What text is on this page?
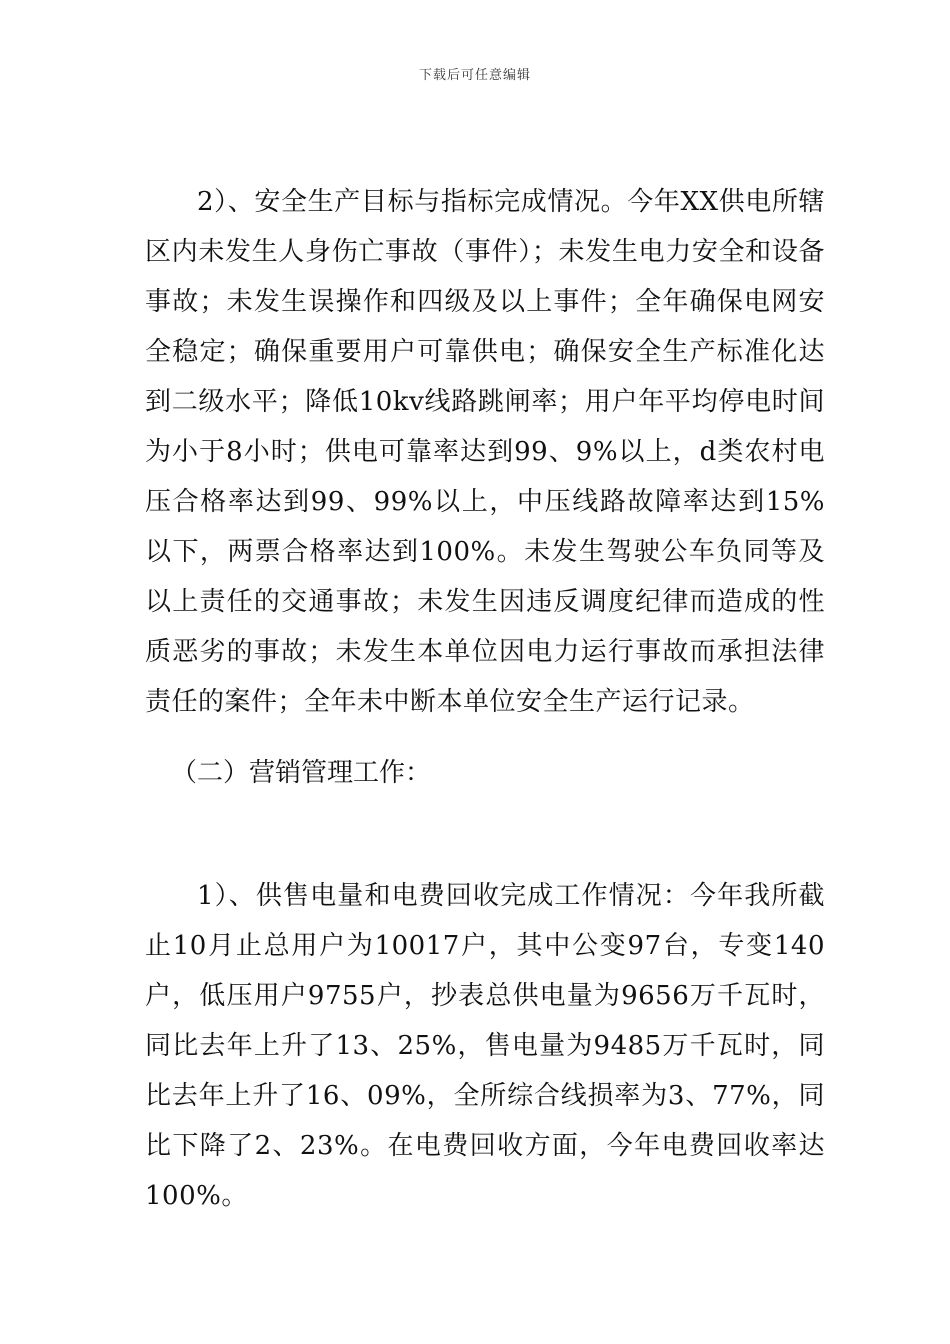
下载后可任意编辑

2）、安全生产目标与指标完成情况。今年XX供电所辖区内未发生人身伤亡事故（事件）；未发生电力安全和设备事故；未发生误操作和四级及以上事件；全年确保电网安全稳定；确保重要用户可靠供电；确保安全生产标准化达到二级水平；降低10kv线路跳闸率；用户年平均停电时间为小于8小时；供电可靠率达到99、9%以上，d类农村电压合格率达到99、99%以上，中压线路故障率达到15%以下，两票合格率达到100%。未发生驾驶公车负同等及以上责任的交通事故；未发生因违反调度纪律而造成的性质恶劣的事故；未发生本单位因电力运行事故而承担法律责任的案件；全年未中断本单位安全生产运行记录。

（二）营销管理工作：

1）、供售电量和电费回收完成工作情况：今年我所截止10月止总用户为10017户，其中公变97台，专变140户，低压用户9755户，抄表总供电量为9656万千瓦时，同比去年上升了13、25%，售电量为9485万千瓦时，同比去年上升了16、09%，全所综合线损率为3、77%，同比下降了2、23%。在电费回收方面，今年电费回收率达100%。
